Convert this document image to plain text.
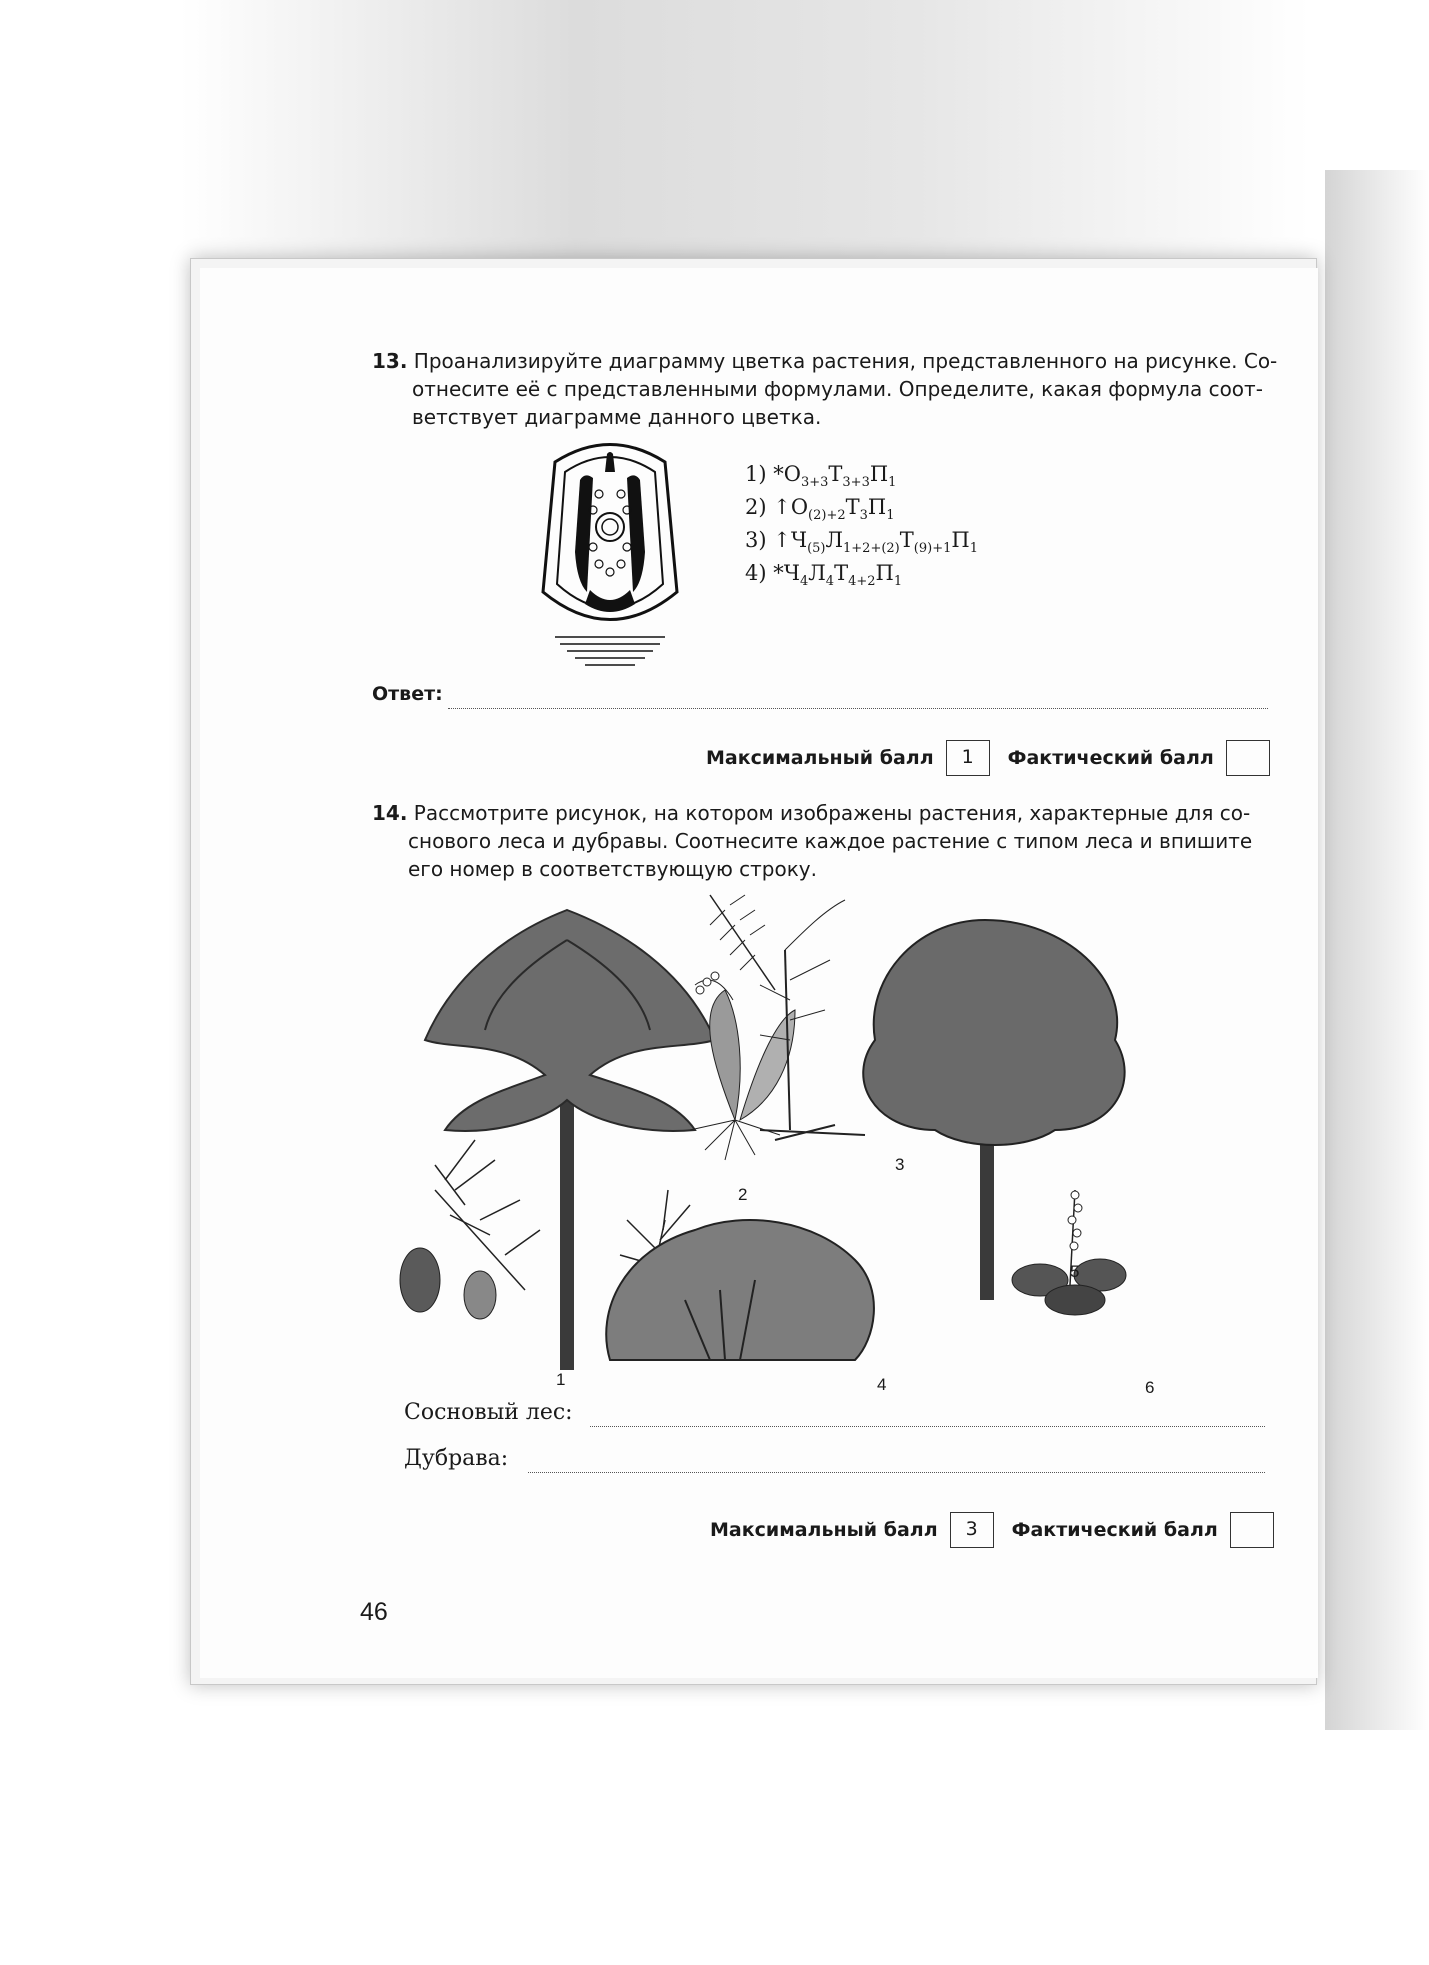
13. Проанализируйте диаграмму цветка растения, представленного на рисунке. Со-
отнесите её с представленными формулами. Определите, какая формула соот-
ветствует диаграмме данного цветка.
1) $*О_{3+3}Т_{3+3}П_1$
2) $↑О_{(2)+2}Т_3П_1$
3) $↑Ч_{(5)}Л_{1+2+(2)}Т_{(9)+1}П_1$
4) $*Ч_4Л_4Т_{4+2}П_1$
Ответ:
Максимальный балл	1	Фактический балл
14. Рассмотрите рисунок, на котором изображены растения, характерные для со-
снового леса и дубравы. Соотнесите каждое растение с типом леса и впишите
его номер в соответствующую строку.
1
2
3
4
5
6
Сосновый лес:
Дубрава:
Максимальный балл	3	Фактический балл
46
